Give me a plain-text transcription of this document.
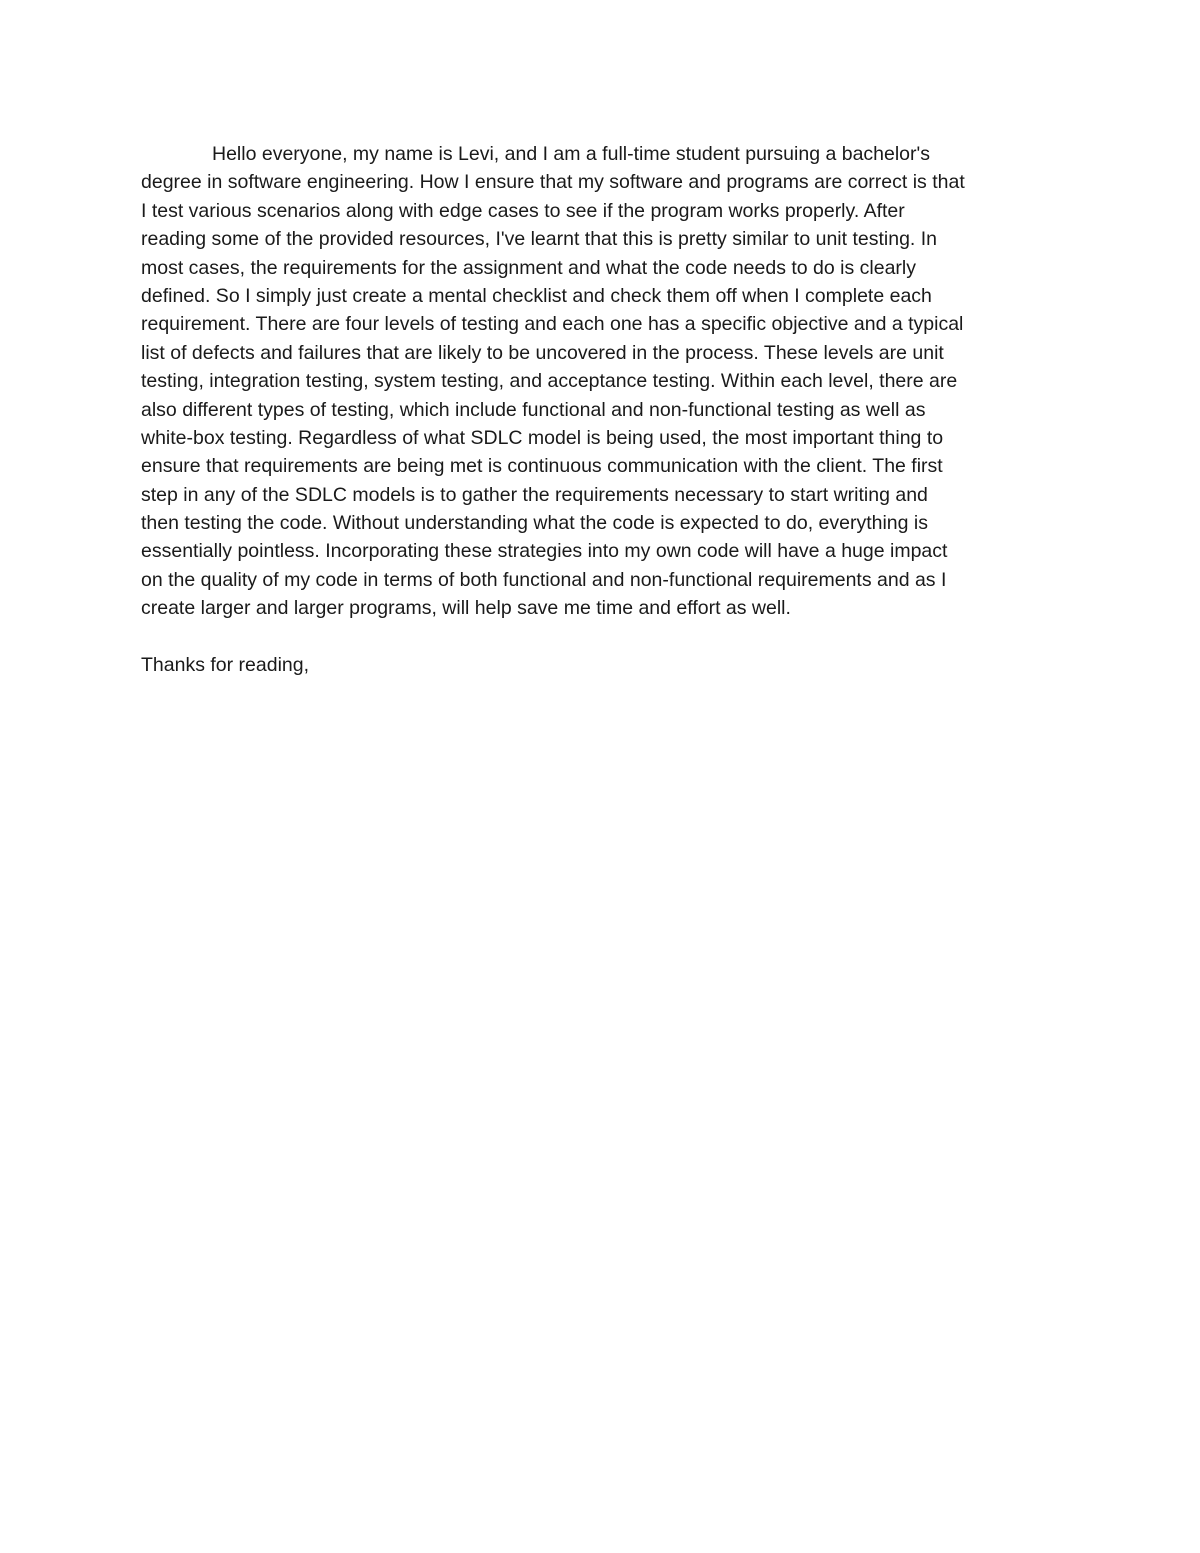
Hello everyone, my name is Levi, and I am a full-time student pursuing a bachelor's
degree in software engineering. How I ensure that my software and programs are correct is that
I test various scenarios along with edge cases to see if the program works properly. After
reading some of the provided resources, I've learnt that this is pretty similar to unit testing. In
most cases, the requirements for the assignment and what the code needs to do is clearly
defined. So I simply just create a mental checklist and check them off when I complete each
requirement. There are four levels of testing and each one has a specific objective and a typical
list of defects and failures that are likely to be uncovered in the process. These levels are unit
testing, integration testing, system testing, and acceptance testing. Within each level, there are
also different types of testing, which include functional and non-functional testing as well as
white-box testing. Regardless of what SDLC model is being used, the most important thing to
ensure that requirements are being met is continuous communication with the client. The first
step in any of the SDLC models is to gather the requirements necessary to start writing and
then testing the code. Without understanding what the code is expected to do, everything is
essentially pointless. Incorporating these strategies into my own code will have a huge impact
on the quality of my code in terms of both functional and non-functional requirements and as I
create larger and larger programs, will help save me time and effort as well.
Thanks for reading,
